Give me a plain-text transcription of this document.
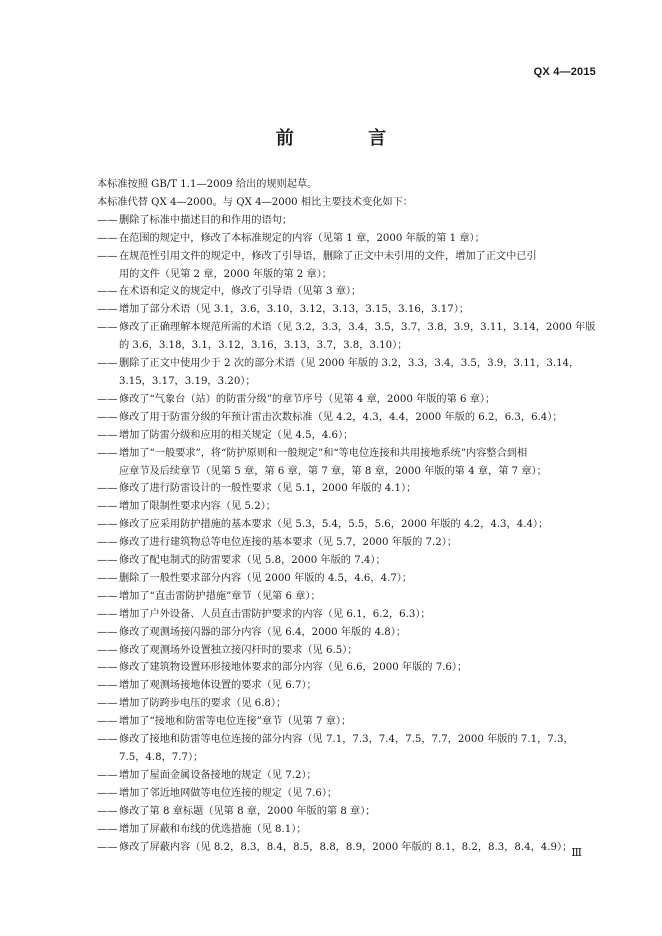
QX 4—2015
前 言
本标准按照 GB/T 1.1—2009 给出的规则起草。
本标准代替 QX 4—2000。与 QX 4—2000 相比主要技术变化如下：
—— 删除了标准中描述目的和作用的语句；
—— 在范围的规定中，修改了本标准规定的内容（见第 1 章，2000 年版的第 1 章）；
—— 在规范性引用文件的规定中，修改了引导语，删除了正文中未引用的文件，增加了正文中已引
用的文件（见第 2 章，2000 年版的第 2 章）；
—— 在术语和定义的规定中，修改了引导语（见第 3 章）；
—— 增加了部分术语（见 3.1，3.6，3.10，3.12，3.13，3.15，3.16，3.17）；
—— 修改了正确理解本规范所需的术语（见 3.2，3.3，3.4，3.5，3.7，3.8，3.9，3.11，3.14，2000 年版
的 3.6，3.18，3.1，3.12，3.16，3.13，3.7，3.8，3.10）；
—— 删除了正文中使用少于 2 次的部分术语（见 2000 年版的 3.2，3.3，3.4，3.5，3.9，3.11，3.14，
3.15，3.17，3.19，3.20）；
—— 修改了“气象台（站）的防雷分级”的章节序号（见第 4 章，2000 年版的第 6 章）；
—— 修改了用于防雷分级的年预计雷击次数标准（见 4.2，4.3，4.4，2000 年版的 6.2，6.3，6.4）；
—— 增加了防雷分级和应用的相关规定（见 4.5，4.6）；
—— 增加了“一般要求”，将“防护原则和一般规定”和“等电位连接和共用接地系统”内容整合到相
应章节及后续章节（见第 5 章，第 6 章，第 7 章，第 8 章，2000 年版的第 4 章，第 7 章）；
—— 修改了进行防雷设计的一般性要求（见 5.1，2000 年版的 4.1）；
—— 增加了限制性要求内容（见 5.2）；
—— 修改了应采用防护措施的基本要求（见 5.3，5.4，5.5，5.6，2000 年版的 4.2，4.3，4.4）；
—— 修改了进行建筑物总等电位连接的基本要求（见 5.7，2000 年版的 7.2）；
—— 修改了配电制式的防雷要求（见 5.8，2000 年版的 7.4）；
—— 删除了一般性要求部分内容（见 2000 年版的 4.5，4.6，4.7）；
—— 增加了“直击雷防护措施”章节（见第 6 章）；
—— 增加了户外设备、人员直击雷防护要求的内容（见 6.1，6.2，6.3）；
—— 修改了观测场接闪器的部分内容（见 6.4，2000 年版的 4.8）；
—— 修改了观测场外设置独立接闪杆时的要求（见 6.5）；
—— 修改了建筑物设置环形接地体要求的部分内容（见 6.6，2000 年版的 7.6）；
—— 增加了观测场接地体设置的要求（见 6.7）；
—— 增加了防跨步电压的要求（见 6.8）；
—— 增加了“接地和防雷等电位连接”章节（见第 7 章）；
—— 修改了接地和防雷等电位连接的部分内容（见 7.1，7.3，7.4，7.5，7.7，2000 年版的 7.1，7.3，
7.5，4.8，7.7）；
—— 增加了屋面金属设备接地的规定（见 7.2）；
—— 增加了邻近地网做等电位连接的规定（见 7.6）；
—— 修改了第 8 章标题（见第 8 章，2000 年版的第 8 章）；
—— 增加了屏蔽和布线的优选措施（见 8.1）；
—— 修改了屏蔽内容（见 8.2，8.3，8.4，8.5，8.8，8.9，2000 年版的 8.1，8.2，8.3，8.4，4.9）； Ⅲ
